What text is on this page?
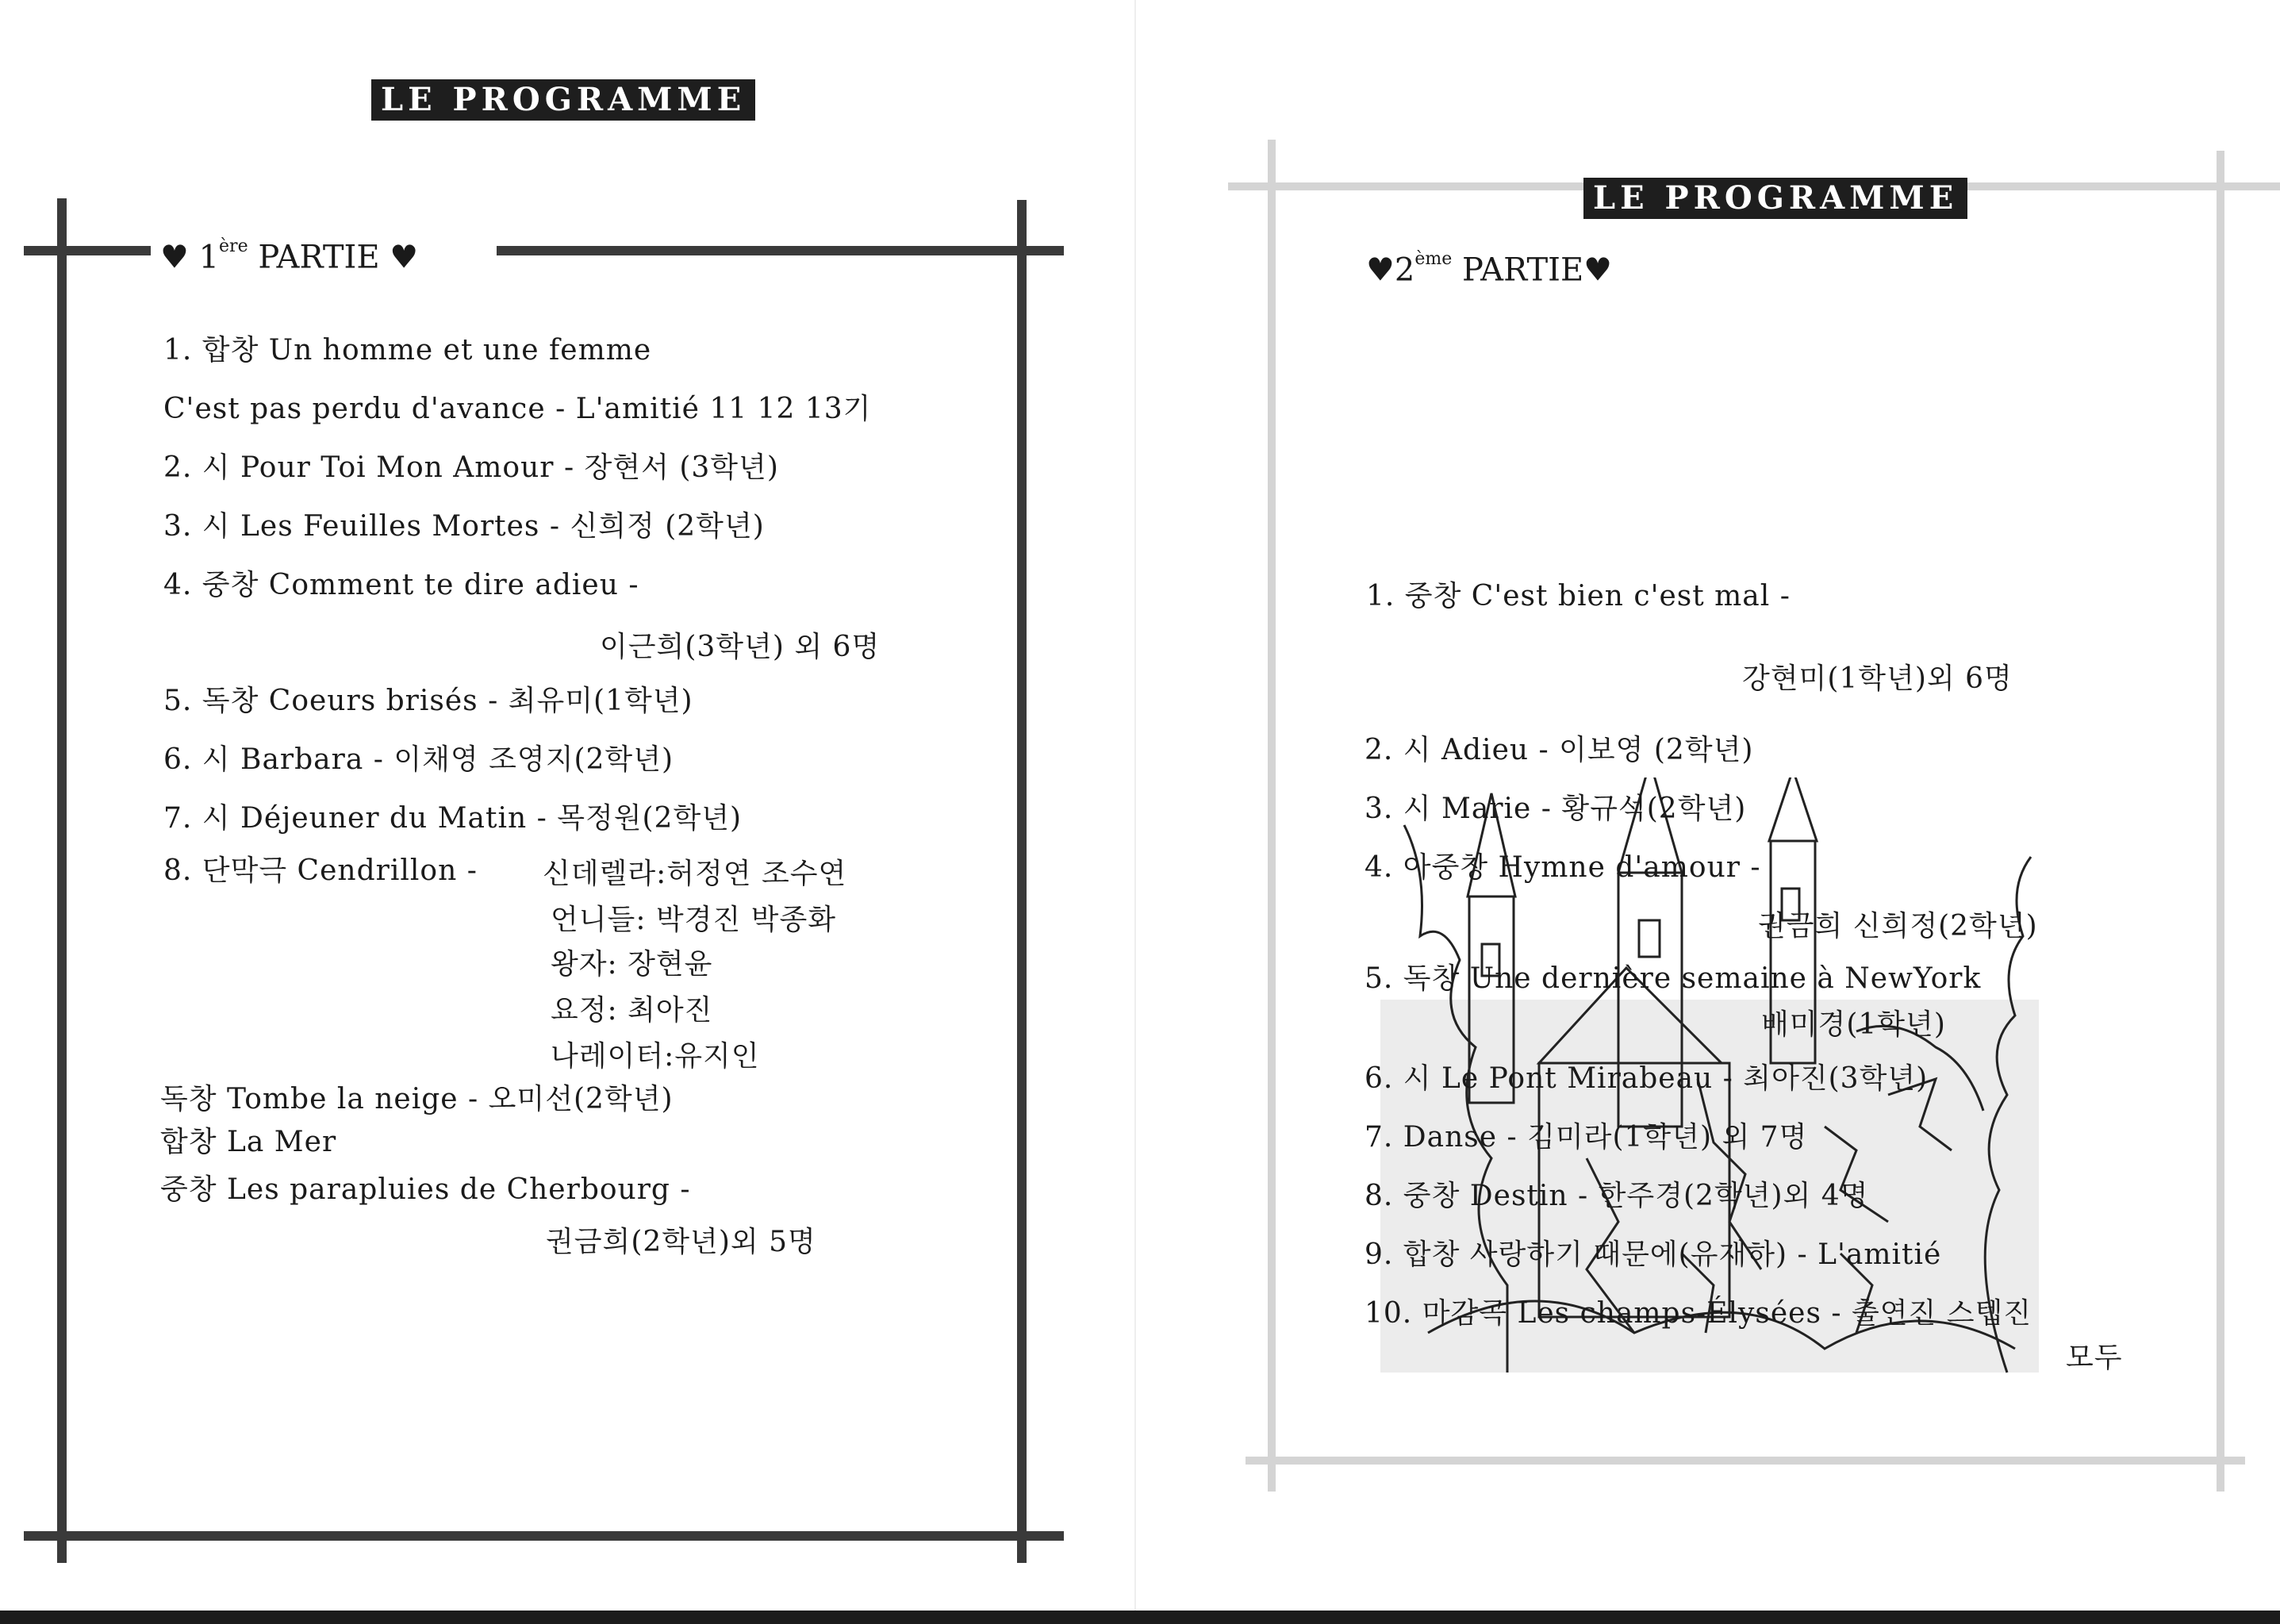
LE PROGRAMME
♥ 1ère PARTIE ♥
1. 합창 Un homme et une femme
C'est pas perdu d'avance - L'amitié 11 12 13기
2. 시 Pour Toi Mon Amour - 장현서 (3학년)
3. 시 Les Feuilles Mortes - 신희정 (2학년)
4. 중창 Comment te dire adieu -
이근희(3학년) 외 6명
5. 독창 Coeurs brisés - 최유미(1학년)
6. 시 Barbara - 이채영 조영지(2학년)
7. 시 Déjeuner du Matin - 목정원(2학년)
8. 단막극 Cendrillon - 신데렐라:허정연 조수연
언니들: 박경진 박종화
왕자: 장현윤
요정: 최아진
나레이터:유지인
독창 Tombe la neige - 오미선(2학년)
합창 La Mer
중창 Les parapluies de Cherbourg -
권금희(2학년)외 5명
LE PROGRAMME
♥2ème PARTIE♥
1. 중창 C'est bien c'est mal -
강현미(1학년)외 6명
2. 시 Adieu - 이보영 (2학년)
3. 시 Marie - 황규석(2학년)
4. 아중창 Hymne d'amour -
권금희 신희정(2학년)
5. 독창 Une dernière semaine à NewYork
배미경(1학년)
6. 시 Le Pont Mirabeau - 최아진(3학년)
7. Danse - 김미라(1학년) 외 7명
8. 중창 Destin - 한주경(2학년)외 4명
9. 합창 사랑하기 때문에(유재하) - L'amitié
10. 마감곡 Les champs-Élysées - 출연진 스텝진
모두
